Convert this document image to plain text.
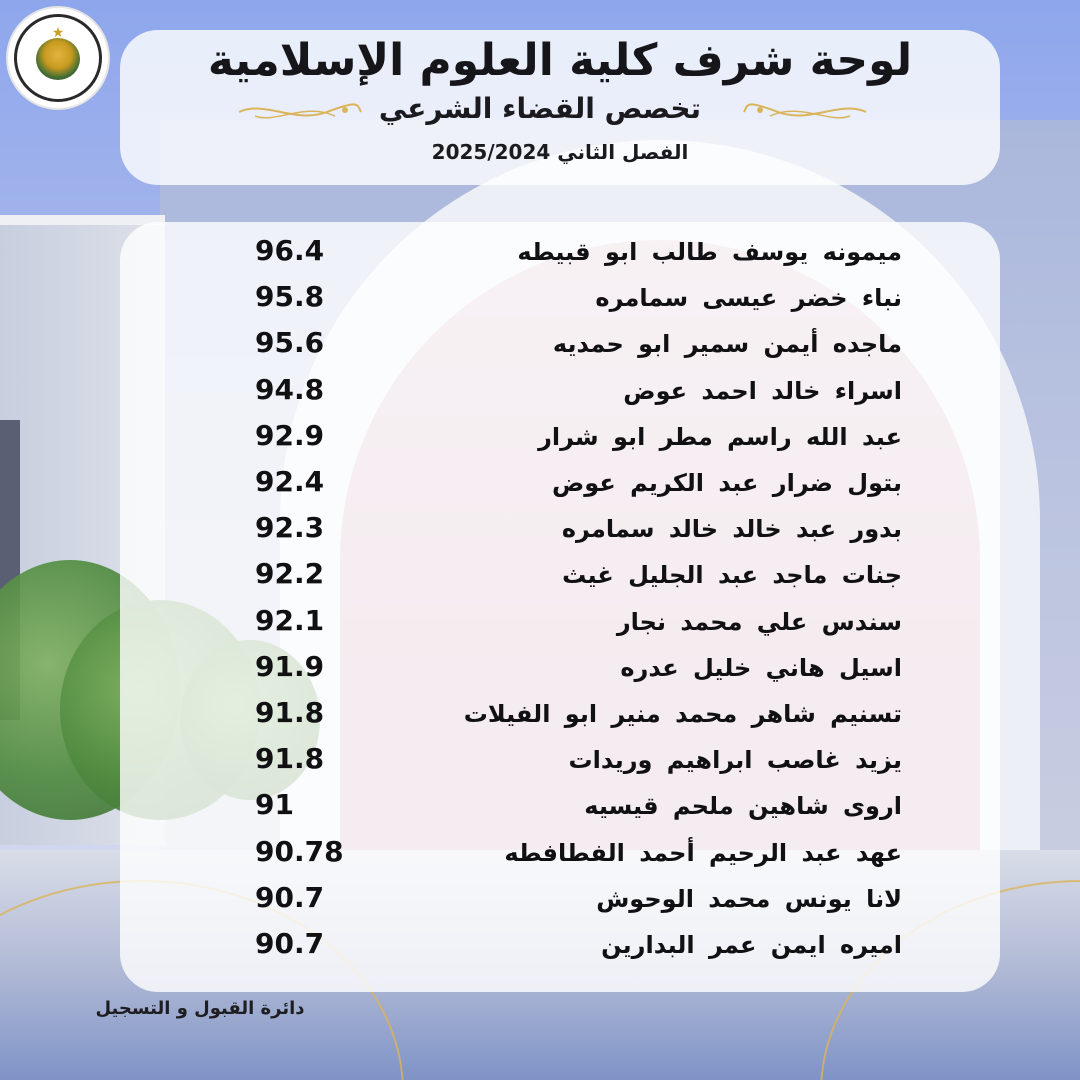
★
لوحة شرف كلية العلوم الإسلامية
تخصص القضاء الشرعي
الفصل الثاني 2025/2024
ميمونه يوسف طالب ابو قبيطه
96.4
نباء خضر عيسى سمامره
95.8
ماجده أيمن سمير ابو حمديه
95.6
اسراء خالد احمد عوض
94.8
عبد الله راسم مطر ابو شرار
92.9
بتول ضرار عبد الكريم عوض
92.4
بدور عبد خالد خالد سمامره
92.3
جنات ماجد عبد الجليل غيث
92.2
سندس علي محمد نجار
92.1
اسيل هاني خليل عدره
91.9
تسنيم شاهر محمد منير ابو الفيلات
91.8
يزيد غاصب ابراهيم وريدات
91.8
اروى شاهين ملحم قيسيه
91
عهد عبد الرحيم أحمد الفطافطه
90.78
لانا يونس محمد الوحوش
90.7
اميره ايمن عمر البدارين
90.7
دائرة القبول و التسجيل
